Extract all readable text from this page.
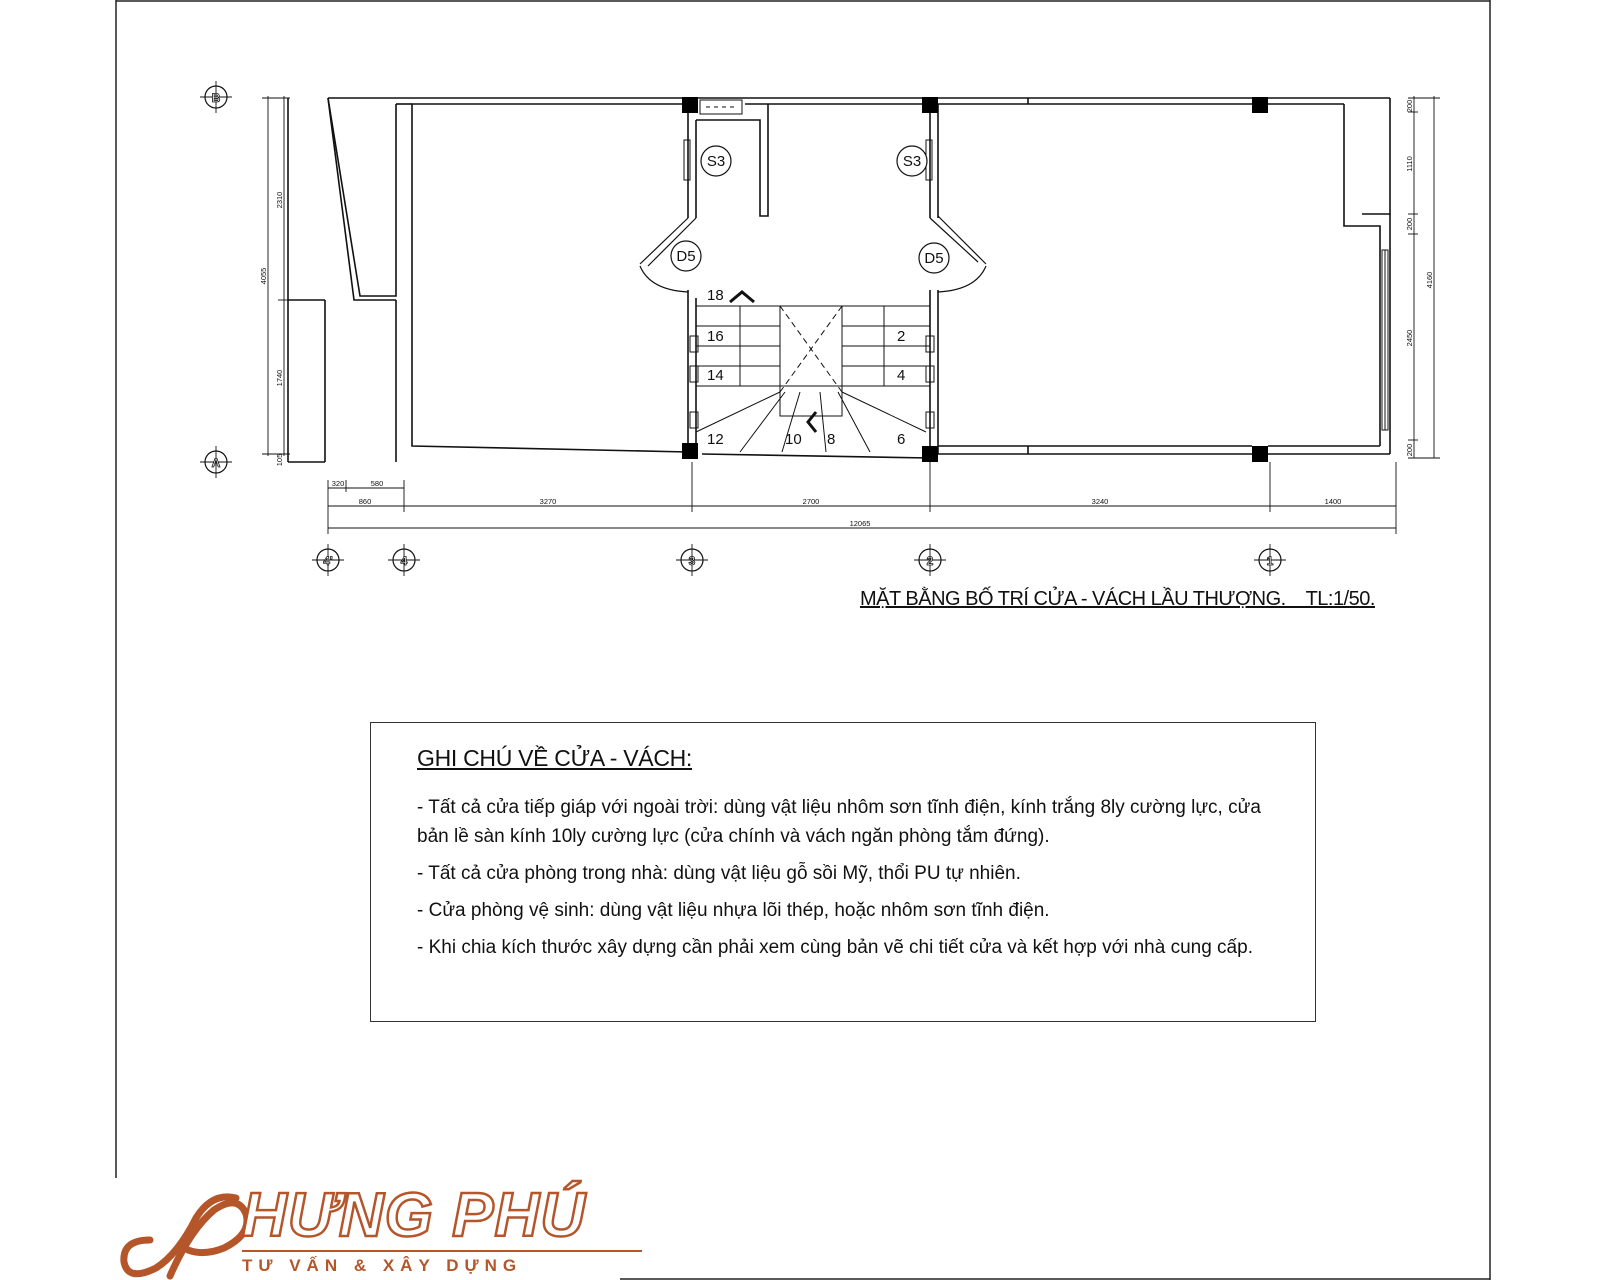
18
16
14
12	10 8	6
4
2
S3	S3
D5	D5
320	580
860	3270	2700	3240	1400
12065
2310
4055
1740
105
200
1110
200
2450
200
4160
B
A
4'	4	3	2	1
MẶT BẰNG BỐ TRÍ CỬA - VÁCH LẦU THƯỢNG.    TL:1/50.
GHI CHÚ VỀ CỬA - VÁCH:
- Tất cả cửa tiếp giáp với ngoài trời: dùng vật liệu nhôm sơn tĩnh điện, kính trắng 8ly cường lực, cửa bản lề sàn kính 10ly cường lực (cửa chính và vách ngăn phòng tắm đứng).
- Tất cả cửa phòng trong nhà: dùng vật liệu gỗ sồi Mỹ, thổi PU tự nhiên.
- Cửa phòng vệ sinh: dùng vật liệu nhựa lõi thép, hoặc nhôm sơn tĩnh điện.
- Khi chia kích thước xây dựng cần phải xem cùng bản vẽ chi tiết cửa và kết hợp với nhà cung cấp.
HƯNG PHÚ
TƯ VẤN & XÂY DỰNG
